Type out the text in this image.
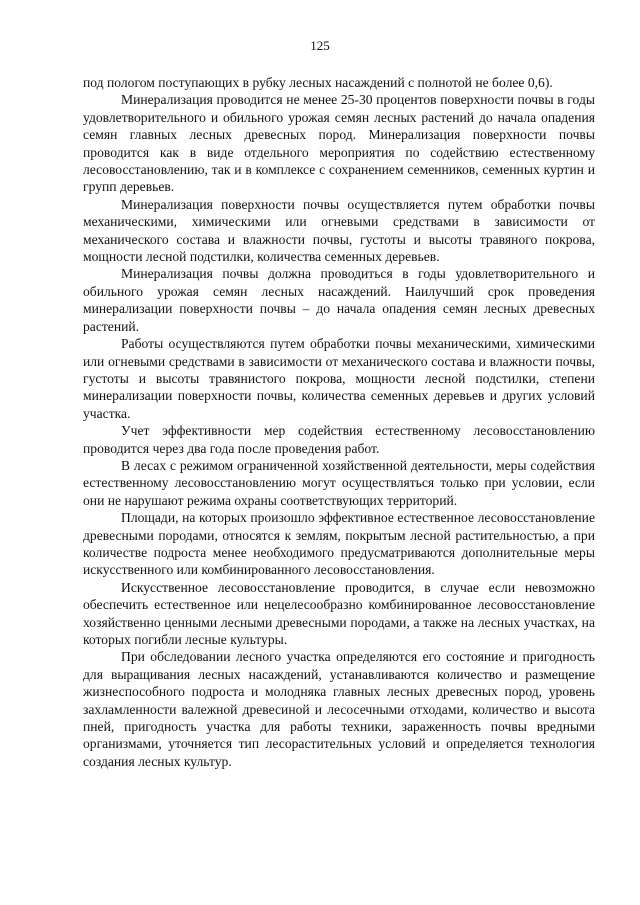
125

под пологом поступающих в рубку лесных насаждений с полнотой не более 0,6).

Минерализация проводится не менее 25-30 процентов поверхности почвы в годы удовлетворительного и обильного урожая семян лесных растений до начала опадения семян главных лесных древесных пород. Минерализация поверхности почвы проводится как в виде отдельного мероприятия по содействию естественному лесовосстановлению, так и в комплексе с сохранением семенников, семенных куртин и групп деревьев.

Минерализация поверхности почвы осуществляется путем обработки почвы механическими, химическими или огневыми средствами в зависимости от механического состава и влажности почвы, густоты и высоты травяного покрова, мощности лесной подстилки, количества семенных деревьев.

Минерализация почвы должна проводиться в годы удовлетворительного и обильного урожая семян лесных насаждений. Наилучший срок проведения минерализации поверхности почвы – до начала опадения семян лесных древесных растений.

Работы осуществляются путем обработки почвы механическими, химическими или огневыми средствами в зависимости от механического состава и влажности почвы, густоты и высоты травянистого покрова, мощности лесной подстилки, степени минерализации поверхности почвы, количества семенных деревьев и других условий участка.

Учет эффективности мер содействия естественному лесовосстановлению проводится через два года после проведения работ.

В лесах с режимом ограниченной хозяйственной деятельности, меры содействия естественному лесовосстановлению могут осуществляться только при условии, если они не нарушают режима охраны соответствующих территорий.

Площади, на которых произошло эффективное естественное лесовосстановление древесными породами, относятся к землям, покрытым лесной растительностью, а при количестве подроста менее необходимого предусматриваются дополнительные меры искусственного или комбинированного лесовосстановления.

Искусственное лесовосстановление проводится, в случае если невозможно обеспечить естественное или нецелесообразно комбинированное лесовосстановление хозяйственно ценными лесными древесными породами, а также на лесных участках, на которых погибли лесные культуры.

При обследовании лесного участка определяются его состояние и пригодность для выращивания лесных насаждений, устанавливаются количество и размещение жизнеспособного подроста и молодняка главных лесных древесных пород, уровень захламленности валежной древесиной и лесосечными отходами, количество и высота пней, пригодность участка для работы техники, зараженность почвы вредными организмами, уточняется тип лесорастительных условий и определяется технология создания лесных культур.
